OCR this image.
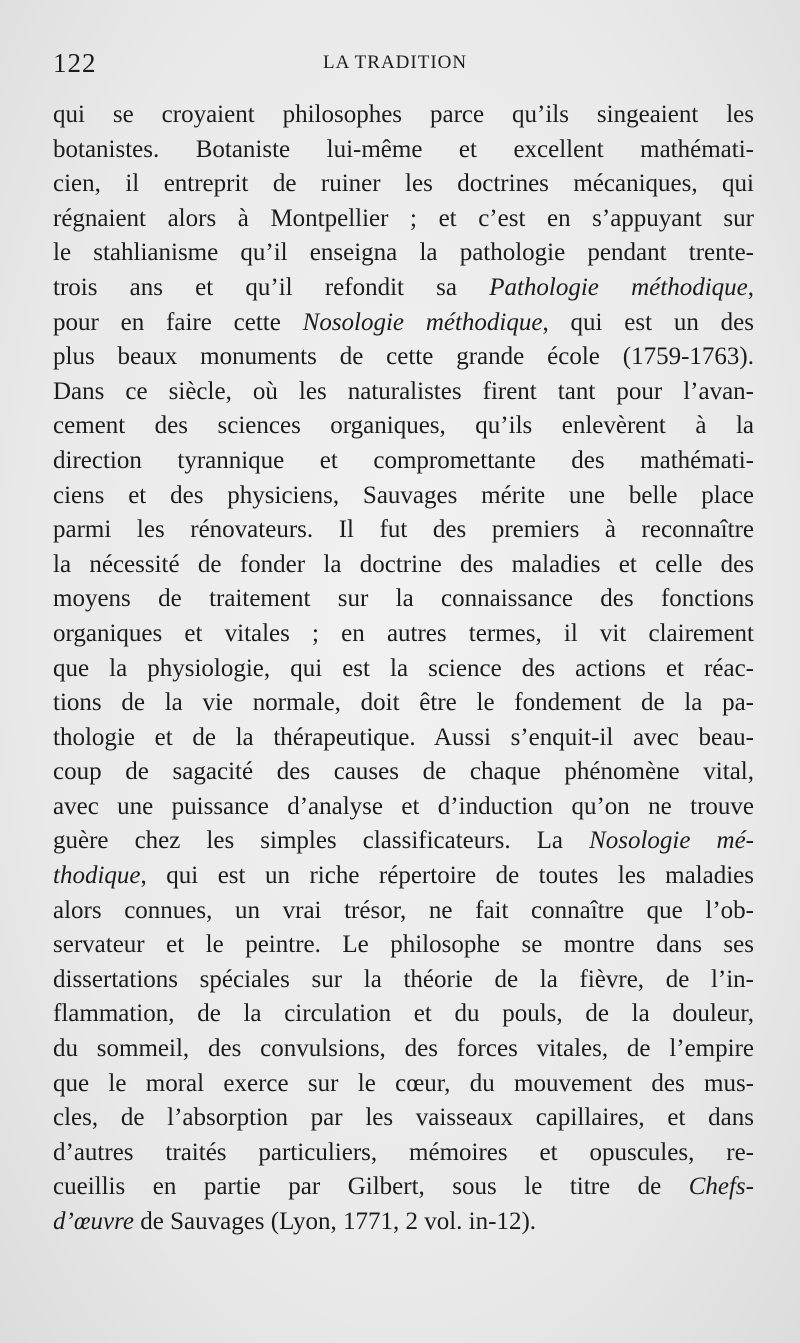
122	LA TRADITION
qui se croyaient philosophes parce qu’ils singeaient les
botanistes. Botaniste lui-même et excellent mathémati-
cien, il entreprit de ruiner les doctrines mécaniques, qui
régnaient alors à Montpellier ; et c’est en s’appuyant sur
le stahlianisme qu’il enseigna la pathologie pendant trente-
trois ans et qu’il refondit sa Pathologie méthodique,
pour en faire cette Nosologie méthodique, qui est un des
plus beaux monuments de cette grande école (1759-1763).
Dans ce siècle, où les naturalistes firent tant pour l’avan-
cement des sciences organiques, qu’ils enlevèrent à la
direction tyrannique et compromettante des mathémati-
ciens et des physiciens, Sauvages mérite une belle place
parmi les rénovateurs. Il fut des premiers à reconnaître
la nécessité de fonder la doctrine des maladies et celle des
moyens de traitement sur la connaissance des fonctions
organiques et vitales ; en autres termes, il vit clairement
que la physiologie, qui est la science des actions et réac-
tions de la vie normale, doit être le fondement de la pa-
thologie et de la thérapeutique. Aussi s’enquit-il avec beau-
coup de sagacité des causes de chaque phénomène vital,
avec une puissance d’analyse et d’induction qu’on ne trouve
guère chez les simples classificateurs. La Nosologie mé-
thodique, qui est un riche répertoire de toutes les maladies
alors connues, un vrai trésor, ne fait connaître que l’ob-
servateur et le peintre. Le philosophe se montre dans ses
dissertations spéciales sur la théorie de la fièvre, de l’in-
flammation, de la circulation et du pouls, de la douleur,
du sommeil, des convulsions, des forces vitales, de l’empire
que le moral exerce sur le cœur, du mouvement des mus-
cles, de l’absorption par les vaisseaux capillaires, et dans
d’autres traités particuliers, mémoires et opuscules, re-
cueillis en partie par Gilbert, sous le titre de Chefs-
d’œuvre de Sauvages (Lyon, 1771, 2 vol. in-12).
